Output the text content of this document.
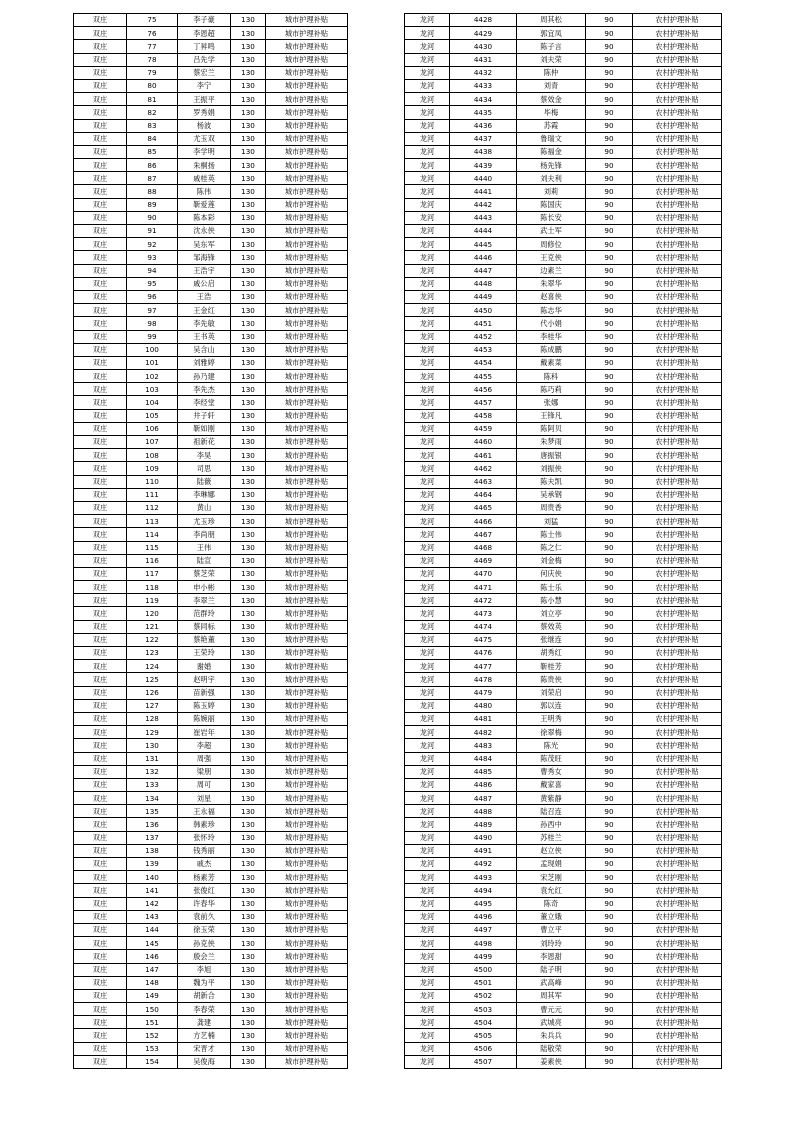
双庄	75	李子豪	130	城市护理补贴
双庄	76	李恩超	130	城市护理补贴
双庄	77	丁昇鸣	130	城市护理补贴
双庄	78	吕先学	130	城市护理补贴
双庄	79	蔡宏兰	130	城市护理补贴
双庄	80	李宁	130	城市护理补贴
双庄	81	王振平	130	城市护理补贴
双庄	82	罗秀娟	130	城市护理补贴
双庄	83	杨波	130	城市护理补贴
双庄	84	尤玉双	130	城市护理补贴
双庄	85	李学明	130	城市护理补贴
双庄	86	朱桐扬	130	城市护理补贴
双庄	87	戚桂英	130	城市护理补贴
双庄	88	陈伟	130	城市护理补贴
双庄	89	靳爱莲	130	城市护理补贴
双庄	90	陈本彩	130	城市护理补贴
双庄	91	沈永侠	130	城市护理补贴
双庄	92	吴东军	130	城市护理补贴
双庄	93	邹海锋	130	城市护理补贴
双庄	94	王浩宇	130	城市护理补贴
双庄	95	戚公启	130	城市护理补贴
双庄	96	王浩	130	城市护理补贴
双庄	97	王金红	130	城市护理补贴
双庄	98	李先敏	130	城市护理补贴
双庄	99	王书英	130	城市护理补贴
双庄	100	吴含山	130	城市护理补贴
双庄	101	刘雅婷	130	城市护理补贴
双庄	102	孙乃建	130	城市护理补贴
双庄	103	李先杰	130	城市护理补贴
双庄	104	李经堂	130	城市护理补贴
双庄	105	井子轩	130	城市护理补贴
双庄	106	靳如刚	130	城市护理补贴
双庄	107	祖新花	130	城市护理补贴
双庄	108	李昊	130	城市护理补贴
双庄	109	司思	130	城市护理补贴
双庄	110	陆薇	130	城市护理补贴
双庄	111	李琳娜	130	城市护理补贴
双庄	112	黄山	130	城市护理补贴
双庄	113	尤玉珍	130	城市护理补贴
双庄	114	李尚朋	130	城市护理补贴
双庄	115	王伟	130	城市护理补贴
双庄	116	陆宣	130	城市护理补贴
双庄	117	蔡芝荣	130	城市护理补贴
双庄	118	申小彬	130	城市护理补贴
双庄	119	李翠兰	130	城市护理补贴
双庄	120	范群玲	130	城市护理补贴
双庄	121	蔡同标	130	城市护理补贴
双庄	122	蔡艳董	130	城市护理补贴
双庄	123	王荣玲	130	城市护理补贴
双庄	124	谢婚	130	城市护理补贴
双庄	125	赵明宇	130	城市护理补贴
双庄	126	苗新强	130	城市护理补贴
双庄	127	陈玉婷	130	城市护理补贴
双庄	128	陈婉丽	130	城市护理补贴
双庄	129	崔岩年	130	城市护理补贴
双庄	130	李超	130	城市护理补贴
双庄	131	周强	130	城市护理补贴
双庄	132	梁朋	130	城市护理补贴
双庄	133	周可	130	城市护理补贴
双庄	134	刘星	130	城市护理补贴
双庄	135	王永福	130	城市护理补贴
双庄	136	韩素珍	130	城市护理补贴
双庄	137	张怀玲	130	城市护理补贴
双庄	138	钱秀丽	130	城市护理补贴
双庄	139	戚杰	130	城市护理补贴
双庄	140	杨素芳	130	城市护理补贴
双庄	141	张俊红	130	城市护理补贴
双庄	142	许春华	130	城市护理补贴
双庄	143	袁前久	130	城市护理补贴
双庄	144	徐玉荣	130	城市护理补贴
双庄	145	孙克侠	130	城市护理补贴
双庄	146	殷会兰	130	城市护理补贴
双庄	147	李旭	130	城市护理补贴
双庄	148	魏为平	130	城市护理补贴
双庄	149	胡新合	130	城市护理补贴
双庄	150	李春荣	130	城市护理补贴
双庄	151	龚建	130	城市护理补贴
双庄	152	方艺楠	130	城市护理补贴
双庄	153	宋晋才	130	城市护理补贴
双庄	154	吴俊海	130	城市护理补贴
龙河	4428	周其松	90	农村护理补贴
龙河	4429	郭宜凤	90	农村护理补贴
龙河	4430	陈子言	90	农村护理补贴
龙河	4431	刘夫荣	90	农村护理补贴
龙河	4432	陈仲	90	农村护理补贴
龙河	4433	刘青	90	农村护理补贴
龙河	4434	蔡效金	90	农村护理补贴
龙河	4435	毕梅	90	农村护理补贴
龙河	4436	苏霞	90	农村护理补贴
龙河	4437	鲁瑞文	90	农村护理补贴
龙河	4438	陈福金	90	农村护理补贴
龙河	4439	杨先锋	90	农村护理补贴
龙河	4440	刘夫利	90	农村护理补贴
龙河	4441	刘莉	90	农村护理补贴
龙河	4442	陈国庆	90	农村护理补贴
龙河	4443	陈长安	90	农村护理补贴
龙河	4444	武士军	90	农村护理补贴
龙河	4445	周修位	90	农村护理补贴
龙河	4446	王克侠	90	农村护理补贴
龙河	4447	边素兰	90	农村护理补贴
龙河	4448	朱翠华	90	农村护理补贴
龙河	4449	赵喜侠	90	农村护理补贴
龙河	4450	陈志华	90	农村护理补贴
龙河	4451	代小娟	90	农村护理补贴
龙河	4452	李桂华	90	农村护理补贴
龙河	4453	陈成鹏	90	农村护理补贴
龙河	4454	戴素菜	90	农村护理补贴
龙河	4455	陈科	90	农村护理补贴
龙河	4456	陈巧莉	90	农村护理补贴
龙河	4457	张娜	90	农村护理补贴
龙河	4458	王锋凡	90	农村护理补贴
龙河	4459	陈阿贝	90	农村护理补贴
龙河	4460	朱梦雨	90	农村护理补贴
龙河	4461	唐振银	90	农村护理补贴
龙河	4462	刘振侠	90	农村护理补贴
龙河	4463	陈夫凯	90	农村护理补贴
龙河	4464	吴承钢	90	农村护理补贴
龙河	4465	周贵香	90	农村护理补贴
龙河	4466	刘猛	90	农村护理补贴
龙河	4467	陈士伟	90	农村护理补贴
龙河	4468	陈之仁	90	农村护理补贴
龙河	4469	刘金梅	90	农村护理补贴
龙河	4470	何庆侠	90	农村护理补贴
龙河	4471	陈士乐	90	农村护理补贴
龙河	4472	陈小慧	90	农村护理补贴
龙河	4473	刘立亭	90	农村护理补贴
龙河	4474	蔡效英	90	农村护理补贴
龙河	4475	张继连	90	农村护理补贴
龙河	4476	胡秀红	90	农村护理补贴
龙河	4477	靳桂芳	90	农村护理补贴
龙河	4478	陈贵侠	90	农村护理补贴
龙河	4479	刘荣启	90	农村护理补贴
龙河	4480	郭以连	90	农村护理补贴
龙河	4481	王明秀	90	农村护理补贴
龙河	4482	徐翠梅	90	农村护理补贴
龙河	4483	陈光	90	农村护理补贴
龙河	4484	陈茂旺	90	农村护理补贴
龙河	4485	曹秀女	90	农村护理补贴
龙河	4486	戴家喜	90	农村护理补贴
龙河	4487	黄紫静	90	农村护理补贴
龙河	4488	陆召连	90	农村护理补贴
龙河	4489	孙西中	90	农村护理补贴
龙河	4490	苏桂兰	90	农村护理补贴
龙河	4491	赵立侠	90	农村护理补贴
龙河	4492	孟现娟	90	农村护理补贴
龙河	4493	宋芝刚	90	农村护理补贴
龙河	4494	袁允红	90	农村护理补贴
龙河	4495	陈奇	90	农村护理补贴
龙河	4496	董立娥	90	农村护理补贴
龙河	4497	曹立平	90	农村护理补贴
龙河	4498	刘玲玲	90	农村护理补贴
龙河	4499	李恩甜	90	农村护理补贴
龙河	4500	陆子明	90	农村护理补贴
龙河	4501	武高峰	90	农村护理补贴
龙河	4502	周其军	90	农村护理补贴
龙河	4503	曹元元	90	农村护理补贴
龙河	4504	武城亮	90	农村护理补贴
龙河	4505	朱兵兵	90	农村护理补贴
龙河	4506	陆敬荣	90	农村护理补贴
龙河	4507	姜素侠	90	农村护理补贴
